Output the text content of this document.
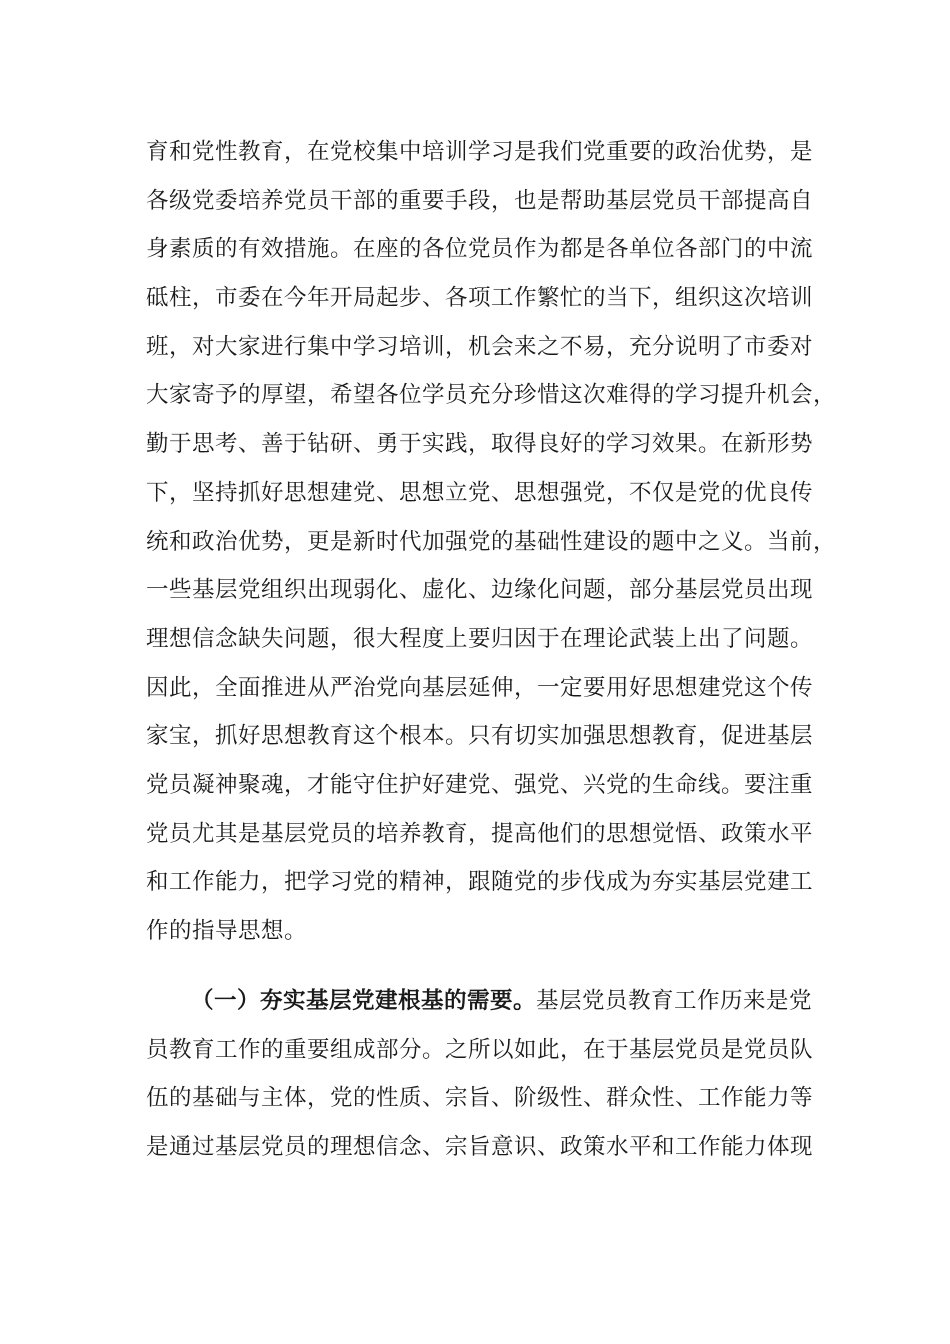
育和党性教育，在党校集中培训学习是我们党重要的政治优势，是
各级党委培养党员干部的重要手段，也是帮助基层党员干部提高自
身素质的有效措施。在座的各位党员作为都是各单位各部门的中流
砥柱，市委在今年开局起步、各项工作繁忙的当下，组织这次培训
班，对大家进行集中学习培训，机会来之不易，充分说明了市委对
大家寄予的厚望，希望各位学员充分珍惜这次难得的学习提升机会，
勤于思考、善于钻研、勇于实践，取得良好的学习效果。在新形势
下，坚持抓好思想建党、思想立党、思想强党，不仅是党的优良传
统和政治优势，更是新时代加强党的基础性建设的题中之义。当前，
一些基层党组织出现弱化、虚化、边缘化问题，部分基层党员出现
理想信念缺失问题，很大程度上要归因于在理论武装上出了问题。
因此，全面推进从严治党向基层延伸，一定要用好思想建党这个传
家宝，抓好思想教育这个根本。只有切实加强思想教育，促进基层
党员凝神聚魂，才能守住护好建党、强党、兴党的生命线。要注重
党员尤其是基层党员的培养教育，提高他们的思想觉悟、政策水平
和工作能力，把学习党的精神，跟随党的步伐成为夯实基层党建工
作的指导思想。
（一）夯实基层党建根基的需要。基层党员教育工作历来是党
员教育工作的重要组成部分。之所以如此，在于基层党员是党员队
伍的基础与主体，党的性质、宗旨、阶级性、群众性、工作能力等
是通过基层党员的理想信念、宗旨意识、政策水平和工作能力体现
